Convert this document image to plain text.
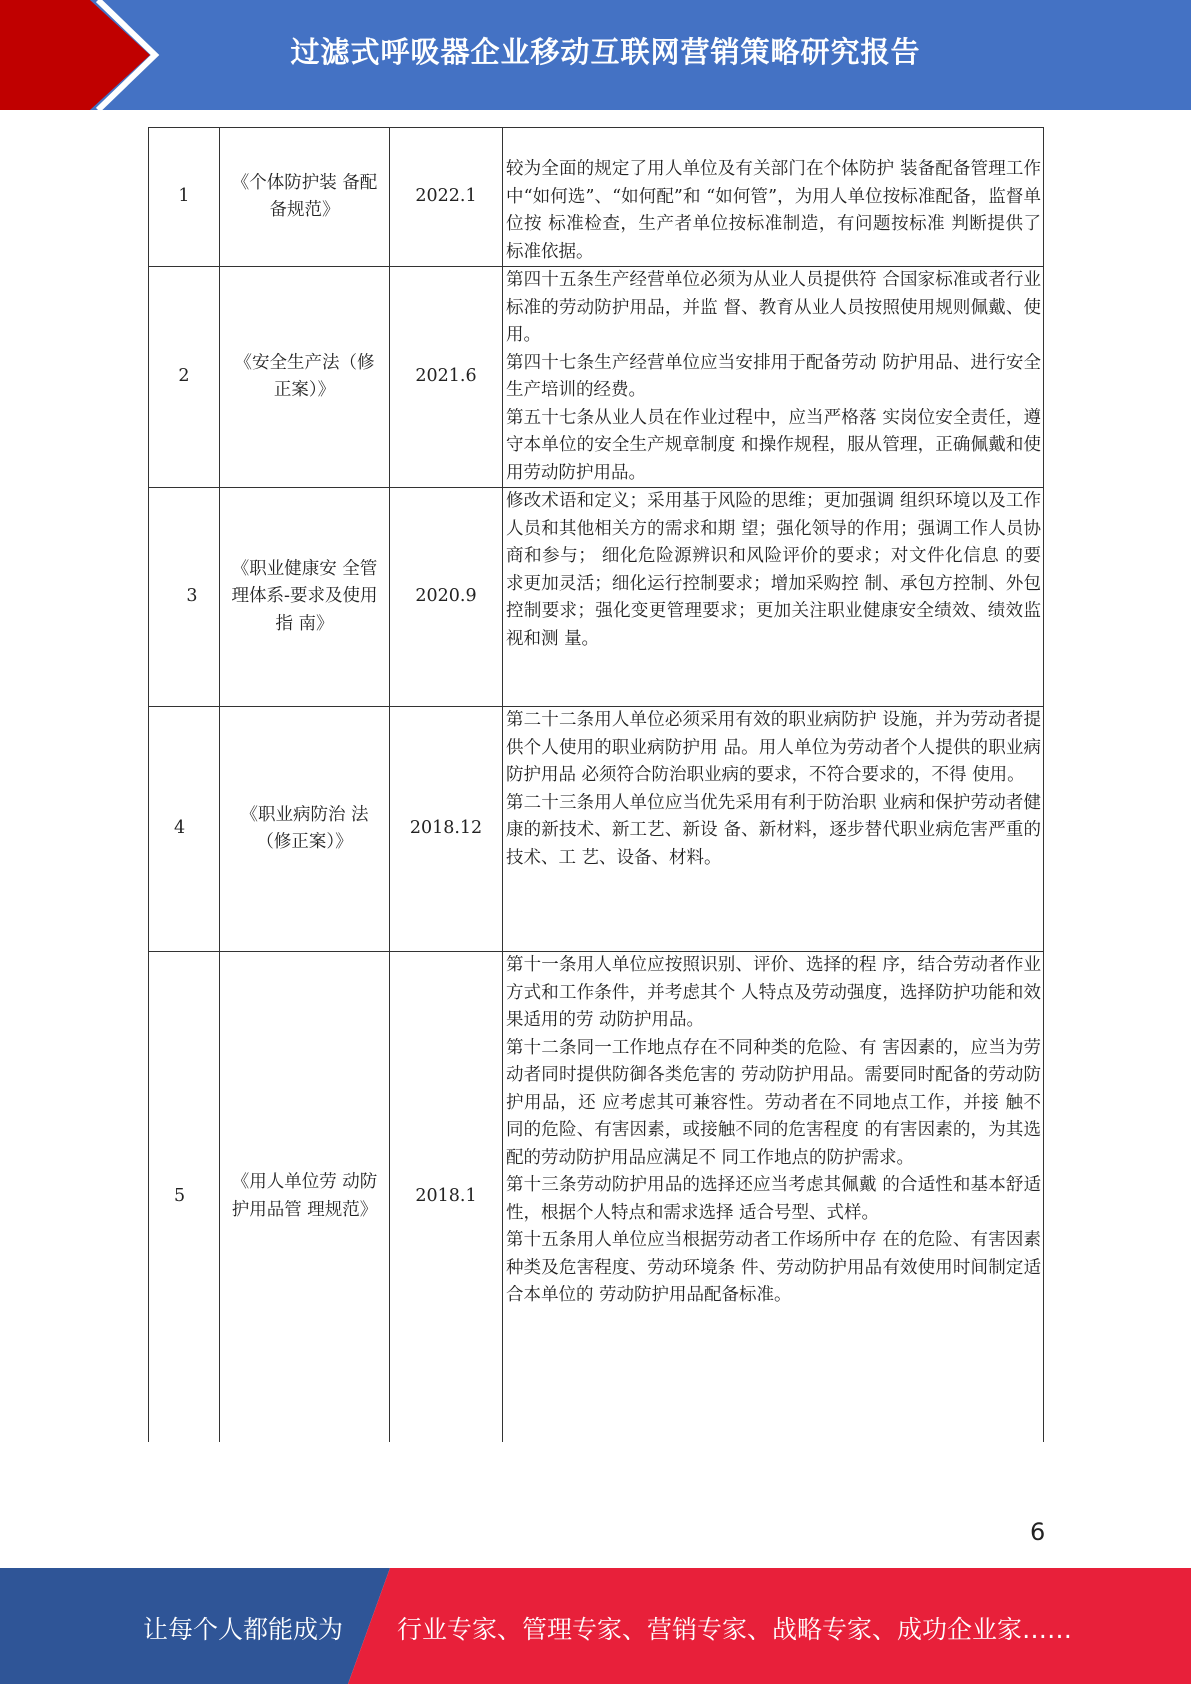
过滤式呼吸器企业移动互联网营销策略研究报告
1	《个体防护装 备配备规范》	2022.1	较为全面的规定了用人单位及有关部门在个体防护 装备配备管理工作中“如何选”、“如何配”和 “如何管”，为用人单位按标准配备，监督单位按 标准检查，生产者单位按标准制造，有问题按标准 判断提供了标准依据。

2	《安全生产法（修正案）》	2021.6	第四十五条生产经营单位必须为从业人员提供符 合国家标准或者行业标准的劳动防护用品，并监 督、教育从业人员按照使用规则佩戴、使用。

第四十七条生产经营单位应当安排用于配备劳动 防护用品、进行安全生产培训的经费。

第五十七条从业人员在作业过程中，应当严格落 实岗位安全责任，遵守本单位的安全生产规章制度 和操作规程，服从管理，正确佩戴和使用劳动防护用品。

3	《职业健康安 全管理体系-要求及使用指 南》	2020.9	修改术语和定义；采用基于风险的思维；更加强调 组织环境以及工作人员和其他相关方的需求和期 望；强化领导的作用；强调工作人员协商和参与； 细化危险源辨识和风险评价的要求；对文件化信息 的要求更加灵活；细化运行控制要求；增加采购控 制、承包方控制、外包控制要求；强化变更管理要求；更加关注职业健康安全绩效、绩效监视和测 量。

4	《职业病防治 法（修正案）》	2018.12	第二十二条用人单位必须采用有效的职业病防护 设施，并为劳动者提供个人使用的职业病防护用 品。用人单位为劳动者个人提供的职业病防护用品 必须符合防治职业病的要求，不符合要求的，不得 使用。

第二十三条用人单位应当优先采用有利于防治职 业病和保护劳动者健康的新技术、新工艺、新设 备、新材料，逐步替代职业病危害严重的技术、工 艺、设备、材料。

5	《用人单位劳 动防护用品管 理规范》	2018.1	第十一条用人单位应按照识别、评价、选择的程 序，结合劳动者作业方式和工作条件，并考虑其个 人特点及劳动强度，选择防护功能和效果适用的劳 动防护用品。

第十二条同一工作地点存在不同种类的危险、有 害因素的，应当为劳动者同时提供防御各类危害的 劳动防护用品。需要同时配备的劳动防护用品，还 应考虑其可兼容性。劳动者在不同地点工作，并接 触不同的危险、有害因素，或接触不同的危害程度 的有害因素的，为其选配的劳动防护用品应满足不 同工作地点的防护需求。

第十三条劳动防护用品的选择还应当考虑其佩戴 的合适性和基本舒适性，根据个人特点和需求选择 适合号型、式样。

第十五条用人单位应当根据劳动者工作场所中存 在的危险、有害因素种类及危害程度、劳动环境条 件、劳动防护用品有效使用时间制定适合本单位的 劳动防护用品配备标准。

6
让每个人都能成为 行业专家、管理专家、营销专家、战略专家、成功企业家……
